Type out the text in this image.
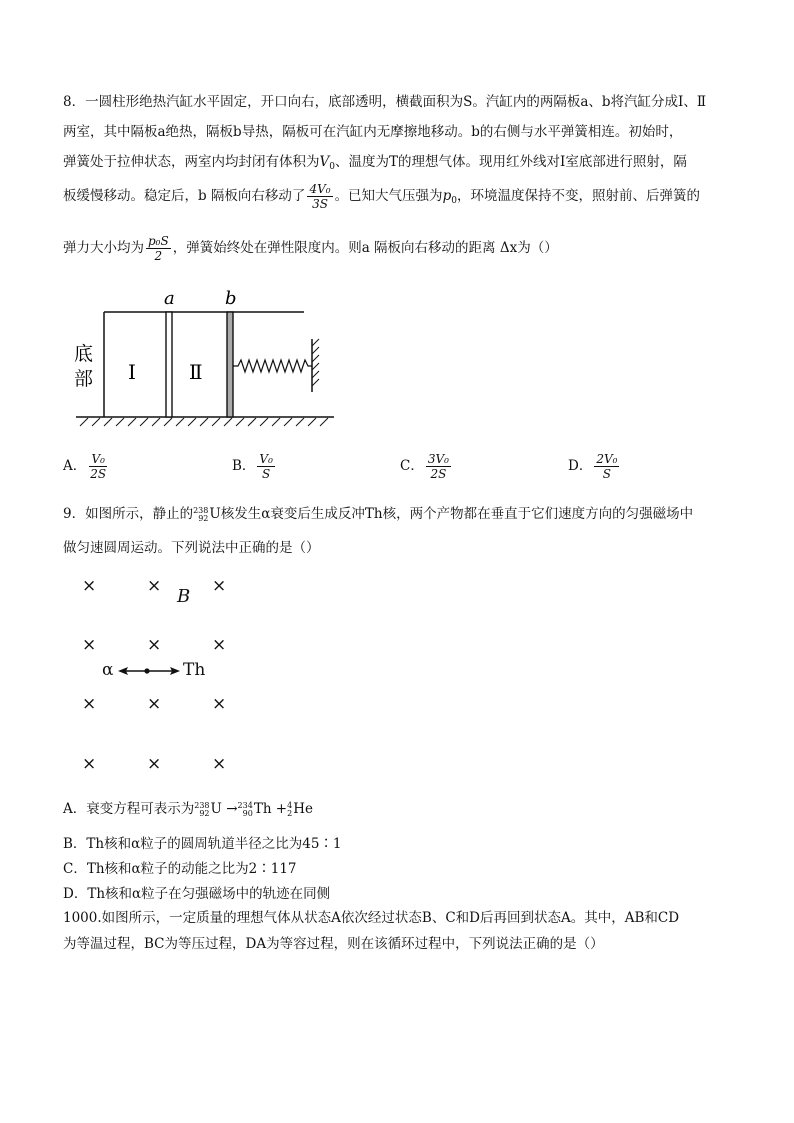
8．一圆柱形绝热汽缸水平固定，开口向右，底部透明，横截面积为S。汽缸内的两隔板a、b将汽缸分成Ⅰ、Ⅱ
两室，其中隔板a绝热，隔板b导热，隔板可在汽缸内无摩擦地移动。b的右侧与水平弹簧相连。初始时，
弹簧处于拉伸状态，两室内均封闭有体积为$V_0$、温度为T的理想气体。现用红外线对Ⅰ室底部进行照射，隔
板缓慢移动。稳定后，b 隔板向右移动了 $\frac{\text{4V₀}}{3S}$ 。已知大气压强为$p_0$，环境温度保持不变，照射前、后弹簧的
弹力大小均为 $\frac{\text{p₀S}}{2}$ ，弹簧始终处在弹性限度内。则a 隔板向右移动的距离 Δx为（）
a	b
底
部 Ⅰ	Ⅱ
A． $\frac{\text{V₀}}{2S}$	B． $\frac{\text{V₀}}{S}$	C． $\frac{\text{3V₀}}{2S}$	D． $\frac{\text{2V₀}}{S}$
9．如图所示，静止的 238
92 U核发生α衰变后生成反冲Th核，两个产物都在垂直于它们速度方向的匀强磁场中
做匀速圆周运动。下列说法中正确的是（）
×	×	×
×	×	×
×	×	×
×	×	×
B
α	Th
A．衰变方程可表示为 238
92 U → 234
90 Th + 4
2 He
B．Th核和α粒子的圆周轨道半径之比为45∶1
C．Th核和α粒子的动能之比为2∶117
D．Th核和α粒子在匀强磁场中的轨迹在同侧
1000.如图所示，一定质量的理想气体从状态A依次经过状态B、C和D后再回到状态A。其中，AB和CD
为等温过程，BC为等压过程，DA为等容过程，则在该循环过程中，下列说法正确的是（）
